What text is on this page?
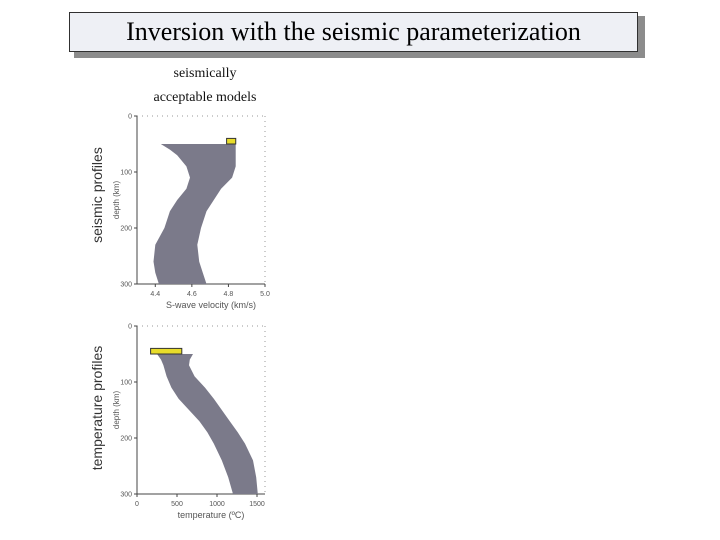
Inversion with the seismic parameterization
seismically
acceptable models
seismic profiles
temperature profiles
0
100
200
300
4.4	4.6	4.8	5.0
S-wave velocity (km/s)
depth (km)
0
100
200
300
0	500	1000	1500
temperature (ºC)
depth (km)
